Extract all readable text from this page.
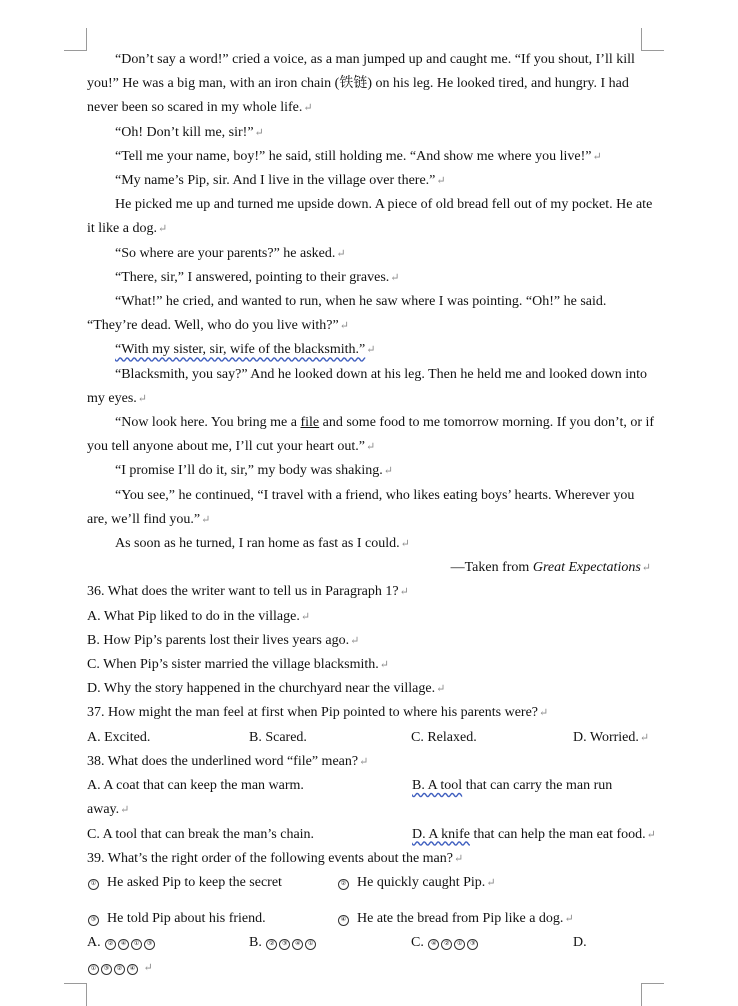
“Don’t say a word!” cried a voice, as a man jumped up and caught me. “If you shout, I’ll kill you!” He was a big man, with an iron chain (铁链) on his leg. He looked tired, and hungry. I had never been so scared in my whole life.↵

“Oh! Don’t kill me, sir!”↵

“Tell me your name, boy!” he said, still holding me. “And show me where you live!”↵

“My name’s Pip, sir. And I live in the village over there.”↵

He picked me up and turned me upside down. A piece of old bread fell out of my pocket. He ate it like a dog.↵

“So where are your parents?” he asked.↵

“There, sir,” I answered, pointing to their graves.↵

“What!” he cried, and wanted to run, when he saw where I was pointing. “Oh!” he said. “They’re dead. Well, who do you live with?”↵

“With my sister, sir, wife of the blacksmith.”↵

“Blacksmith, you say?” And he looked down at his leg. Then he held me and looked down into my eyes.↵

“Now look here. You bring me a file and some food to me tomorrow morning. If you don’t, or if you tell anyone about me, I’ll cut your heart out.”↵

“I promise I’ll do it, sir,” my body was shaking.↵

“You see,” he continued, “I travel with a friend, who likes eating boys’ hearts. Wherever you are, we’ll find you.”↵

As soon as he turned, I ran home as fast as I could.↵

—Taken from Great Expectations↵

36. What does the writer want to tell us in Paragraph 1?↵

A. What Pip liked to do in the village.↵

B. How Pip’s parents lost their lives years ago.↵

C. When Pip’s sister married the village blacksmith.↵

D. Why the story happened in the churchyard near the village.↵

37. How might the man feel at first when Pip pointed to where his parents were?↵

A. Excited.	B. Scared.	C. Relaxed.	D. Worried.↵

38. What does the underlined word “file” mean?↵

A. A coat that can keep the man warm.	B. A tool that can carry the man run

away.↵

C. A tool that can break the man’s chain.	D. A knife that can help the man eat food.↵

39. What’s the right order of the following events about the man?↵

① He asked Pip to keep the secret	② He quickly caught Pip.↵
③ He told Pip about his friend.	④ He ate the bread from Pip like a dog.↵
A. ② ④ ① ③	B. ② ③ ④ ①	C. ④ ② ① ③	D.

① ③ ② ④ ↵
